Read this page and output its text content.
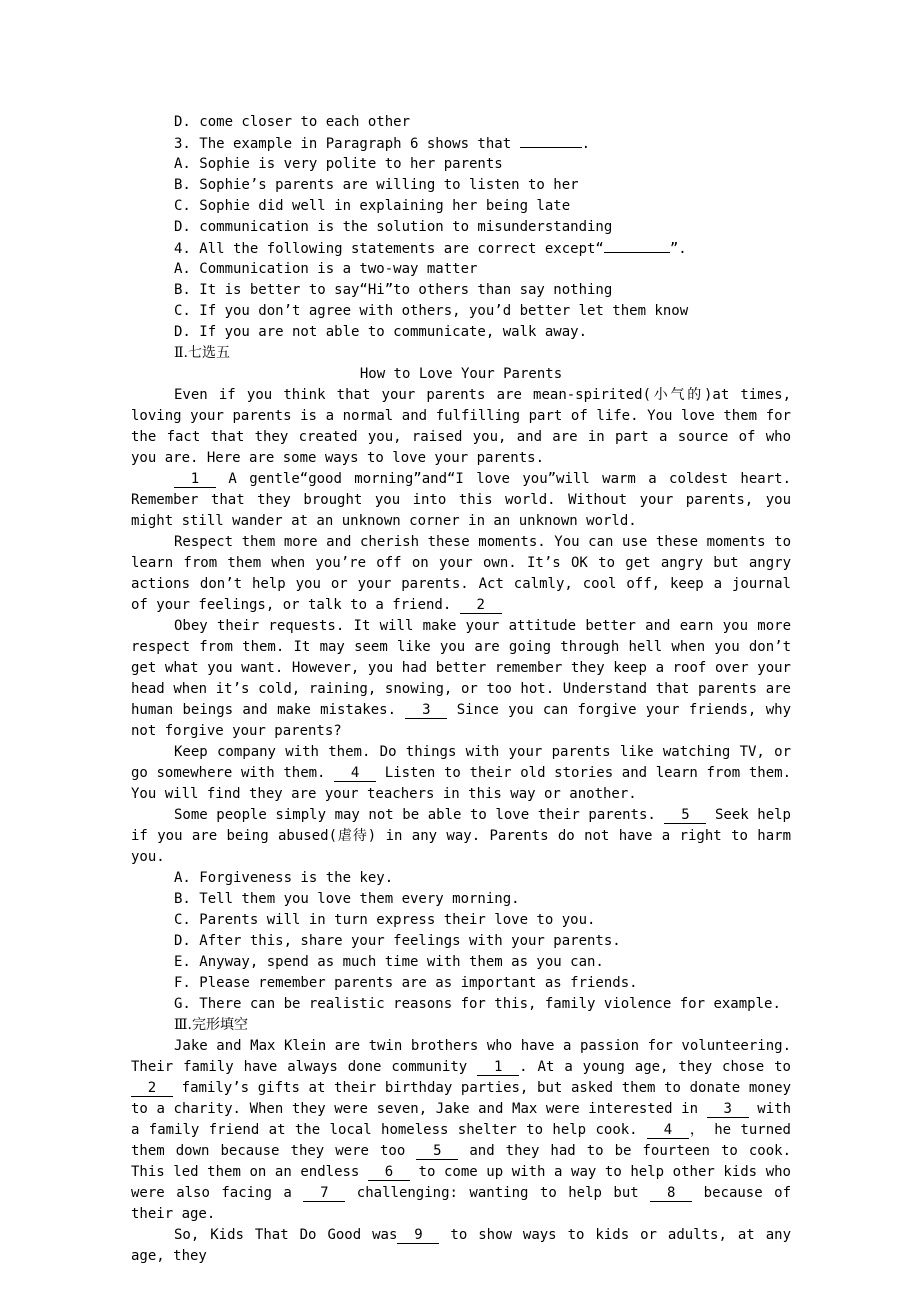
D. come closer to each other
3. The example in Paragraph 6 shows that	.
A. Sophie is very polite to her parents
B. Sophie’s parents are willing to listen to her
C. Sophie did well in explaining her being late
D. communication is the solution to misunderstanding
4. All the following statements are correct except“	”.
A. Communication is a two-way matter
B. It is better to say“Hi”to others than say nothing
C. If you don’t agree with others, you’d better let them know
D. If you are not able to communicate, walk away.
Ⅱ.七选五
How to Love Your Parents
Even if you think that your parents are mean-spirited(小气的)at times, loving your parents is a normal and fulfilling part of life. You love them for the fact that they created you, raised you, and are in part a source of who you are. Here are some ways to love your parents.
1 A gentle“good morning”and“I love you”will warm a coldest heart. Remember that they brought you into this world. Without your parents, you might still wander at an unknown corner in an unknown world.
Respect them more and cherish these moments. You can use these moments to learn from them when you’re off on your own. It’s OK to get angry but angry actions don’t help you or your parents. Act calmly, cool off, keep a journal of your feelings, or talk to a friend. 2
Obey their requests. It will make your attitude better and earn you more respect from them. It may seem like you are going through hell when you don’t get what you want. However, you had better remember they keep a roof over your head when it’s cold, raining, snowing, or too hot. Understand that parents are human beings and make mistakes. 3 Since you can forgive your friends, why not forgive your parents?
Keep company with them. Do things with your parents like watching TV, or go somewhere with them. 4 Listen to their old stories and learn from them. You will find they are your teachers in this way or another.
Some people simply may not be able to love their parents. 5 Seek help if you are being abused(虐待) in any way. Parents do not have a right to harm you.
A. Forgiveness is the key.
B. Tell them you love them every morning.
C. Parents will in turn express their love to you.
D. After this, share your feelings with your parents.
E. Anyway, spend as much time with them as you can.
F. Please remember parents are as important as friends.
G. There can be realistic reasons for this, family violence for example.
Ⅲ.完形填空
Jake and Max Klein are twin brothers who have a passion for volunteering. Their family have always done community 1 . At a young age, they chose to 2 family’s gifts at their birthday parties, but asked them to donate money to a charity. When they were seven, Jake and Max were interested in 3 with a family friend at the local homeless shelter to help cook. 4 ， he turned them down because they were too 5 and they had to be fourteen to cook. This led them on an endless 6 to come up with a way to help other kids who were also facing a 7 challenging: wanting to help but 8 because of their age.
So, Kids That Do Good was 9 to show ways to kids or adults, at any age, they
